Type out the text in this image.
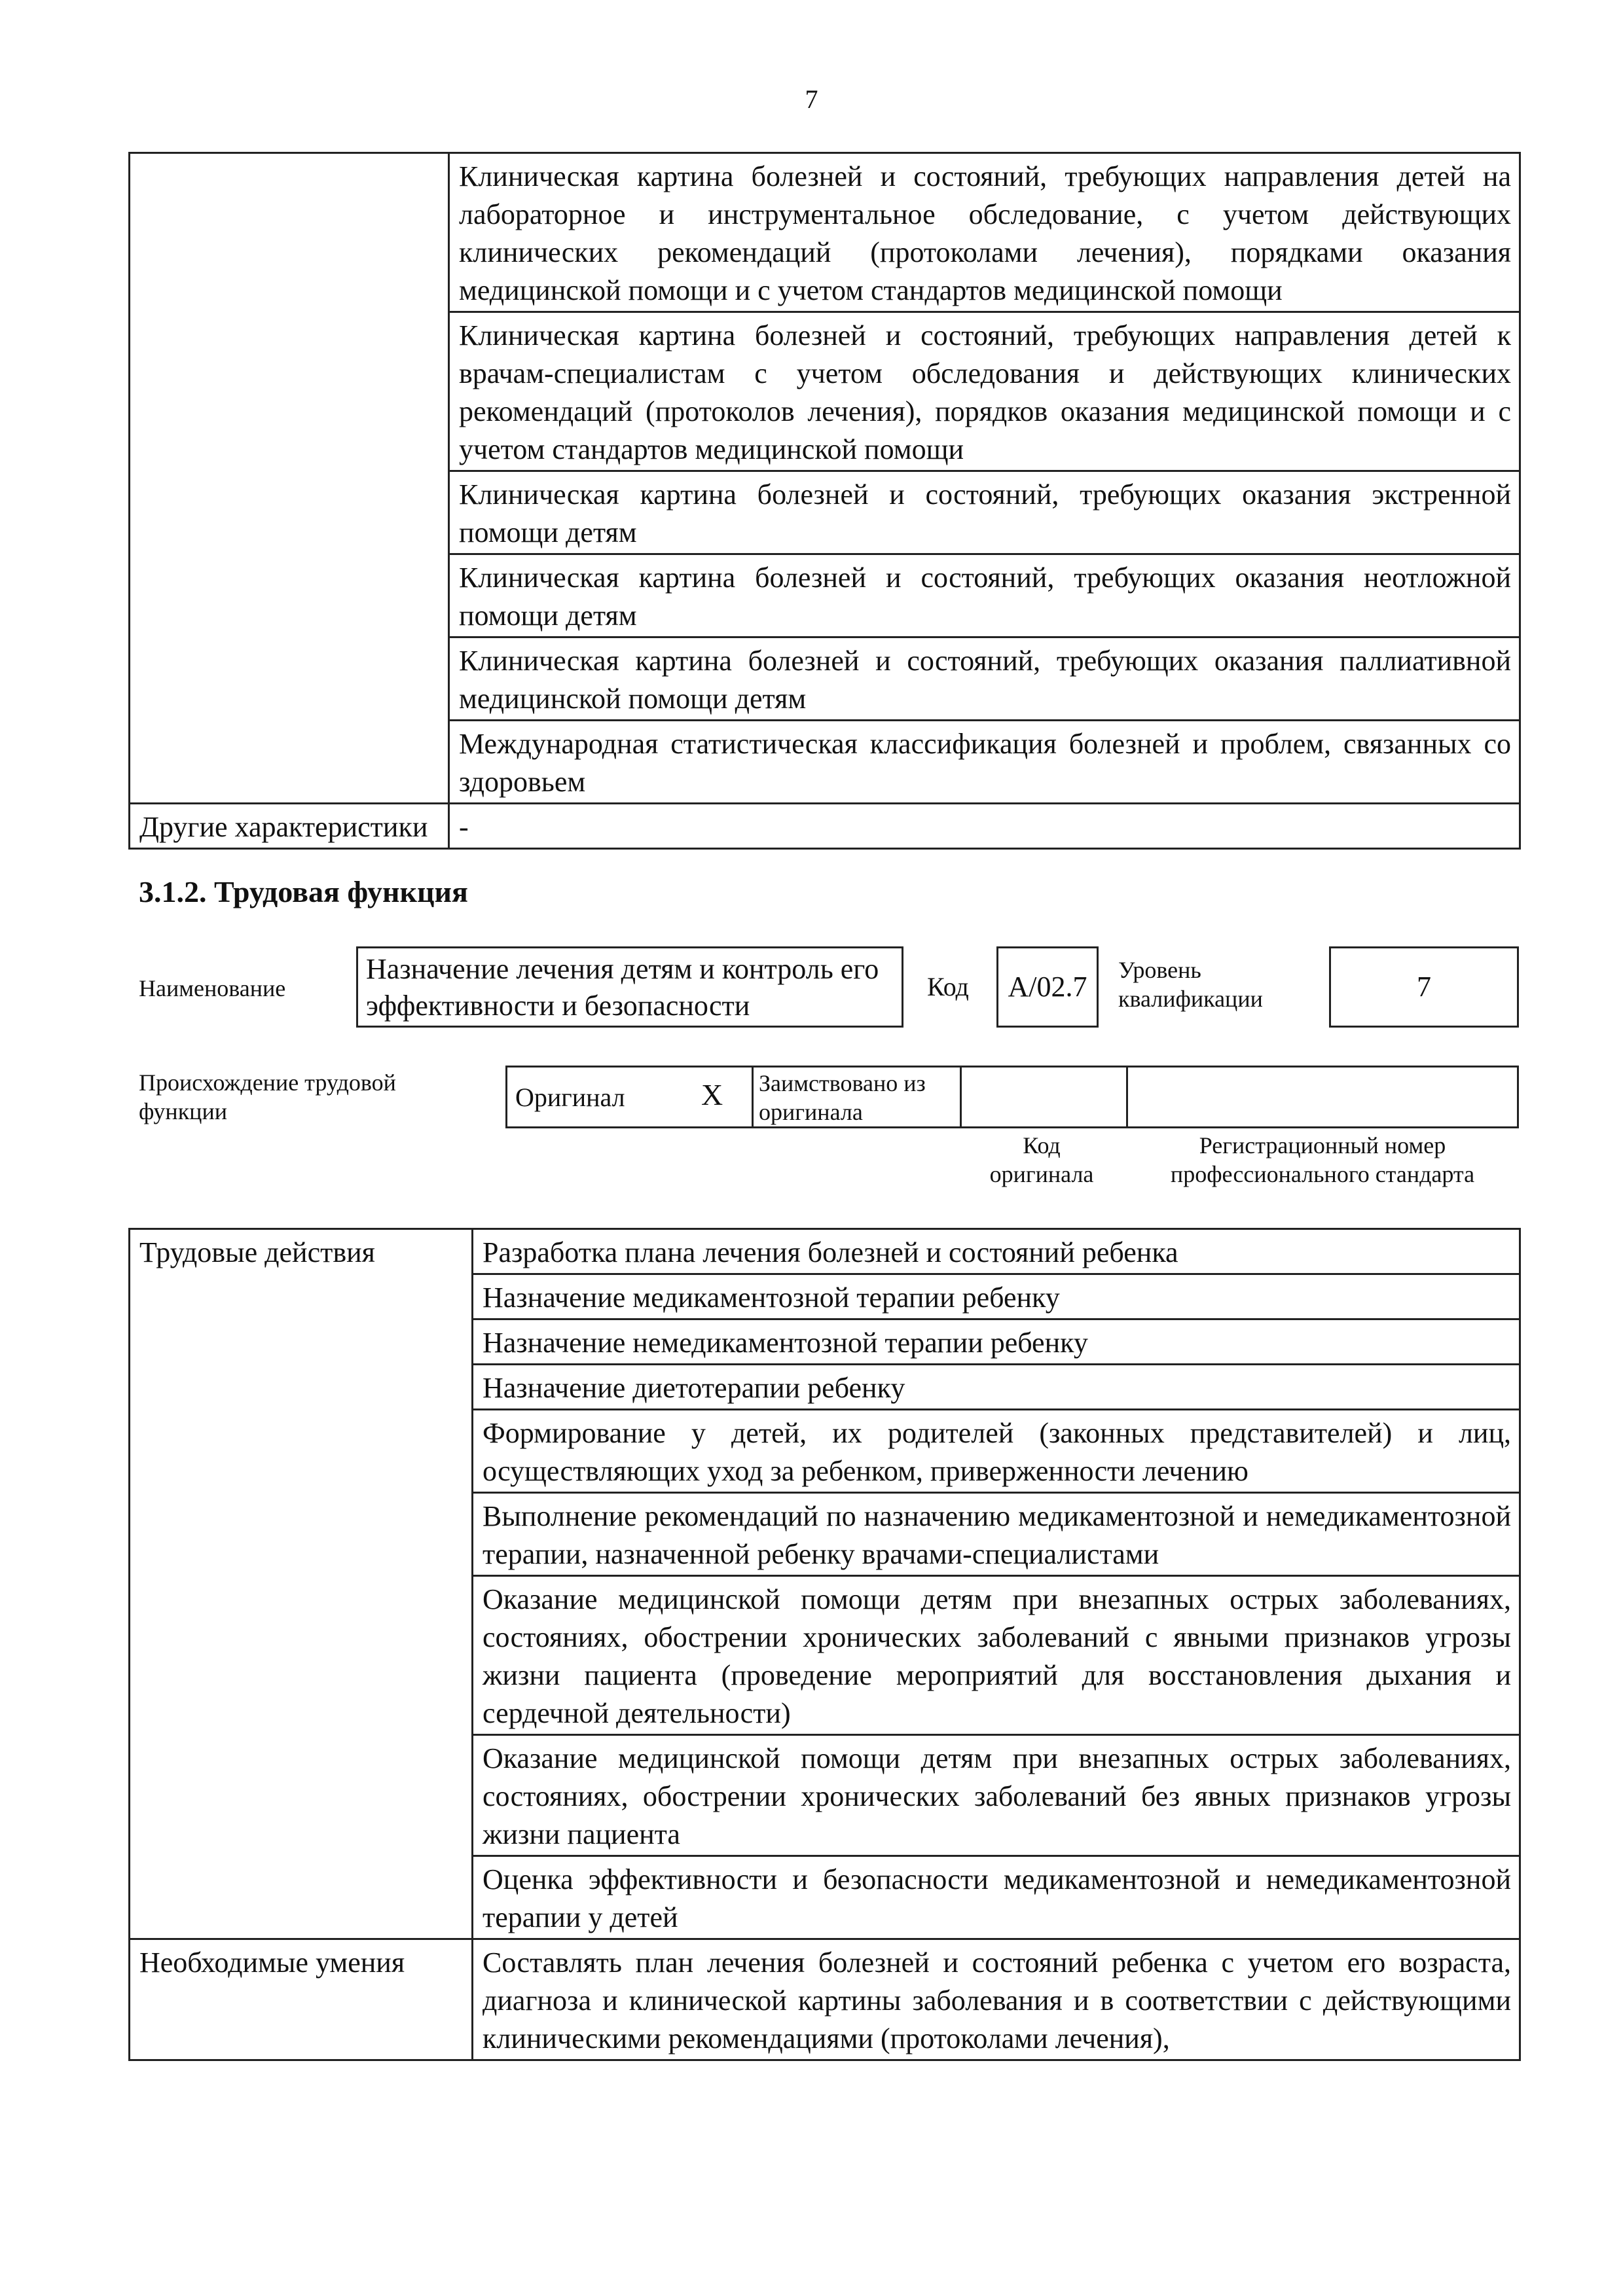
7
	Клиническая картина болезней и состояний, требующих направления детей на лабораторное и инструментальное обследование, с учетом действующих клинических рекомендаций (протоколами лечения), порядками оказания медицинской помощи и с учетом стандартов медицинской помощи
	Клиническая картина болезней и состояний, требующих направления детей к врачам-специалистам с учетом обследования и действующих клинических рекомендаций (протоколов лечения), порядков оказания медицинской помощи и с учетом стандартов медицинской помощи
	Клиническая картина болезней и состояний, требующих оказания экстренной помощи детям
	Клиническая картина болезней и состояний, требующих оказания неотложной помощи детям
	Клиническая картина болезней и состояний, требующих оказания паллиативной медицинской помощи детям
	Международная статистическая классификация болезней и проблем, связанных со здоровьем
Другие характеристики	-
3.1.2. Трудовая функция
Наименование
Назначение лечения детям и контроль его эффективности и безопасности
Код А/02.7
Уровень квалификации	7
Происхождение трудовой функции	Оригинал	X Заимствовано из оригинала
Код оригинала
Регистрационный номер профессионального стандарта
Трудовые действия	Разработка плана лечения болезней и состояний ребенка
	Назначение медикаментозной терапии ребенку
	Назначение немедикаментозной терапии ребенку
	Назначение диетотерапии ребенку
	Формирование у детей, их родителей (законных представителей) и лиц, осуществляющих уход за ребенком, приверженности лечению
	Выполнение рекомендаций по назначению медикаментозной и немедикаментозной терапии, назначенной ребенку врачами-специалистами
	Оказание медицинской помощи детям при внезапных острых заболеваниях, состояниях, обострении хронических заболеваний с явными признаков угрозы жизни пациента (проведение мероприятий для восстановления дыхания и сердечной деятельности)
	Оказание медицинской помощи детям при внезапных острых заболеваниях, состояниях, обострении хронических заболеваний без явных признаков угрозы жизни пациента
	Оценка эффективности и безопасности медикаментозной и немедикаментозной терапии у детей
Необходимые умения	Составлять план лечения болезней и состояний ребенка с учетом его возраста, диагноза и клинической картины заболевания и в соответствии с действующими клиническими рекомендациями (протоколами лечения),
